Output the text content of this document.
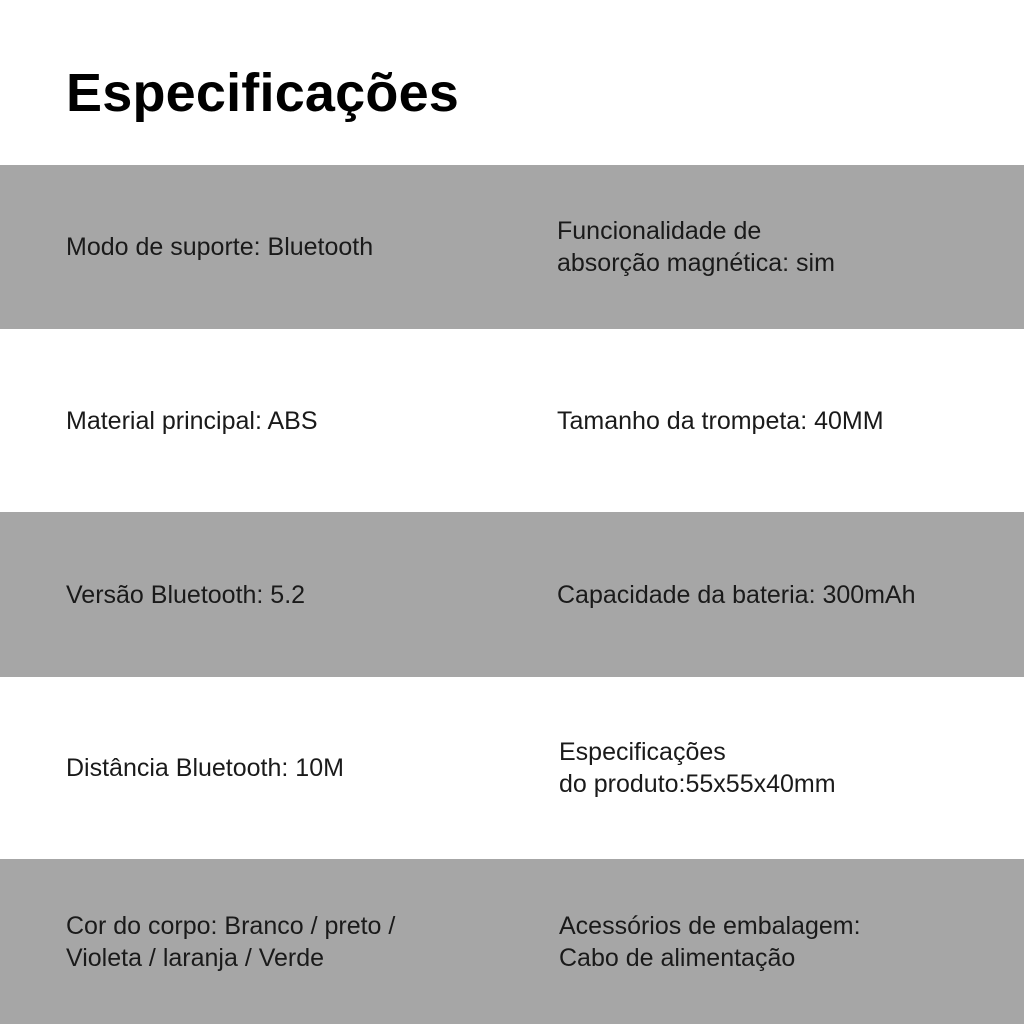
Especificações
Modo de suporte: Bluetooth
Funcionalidade de
absorção magnética: sim
Material principal: ABS	Tamanho da trompeta: 40MM
Versão Bluetooth: 5.2	Capacidade da bateria: 300mAh
Distância Bluetooth: 10M
Especificações
do produto:55x55x40mm
Cor do corpo: Branco / preto /
Violeta / laranja / Verde
Acessórios de embalagem:
Cabo de alimentação
